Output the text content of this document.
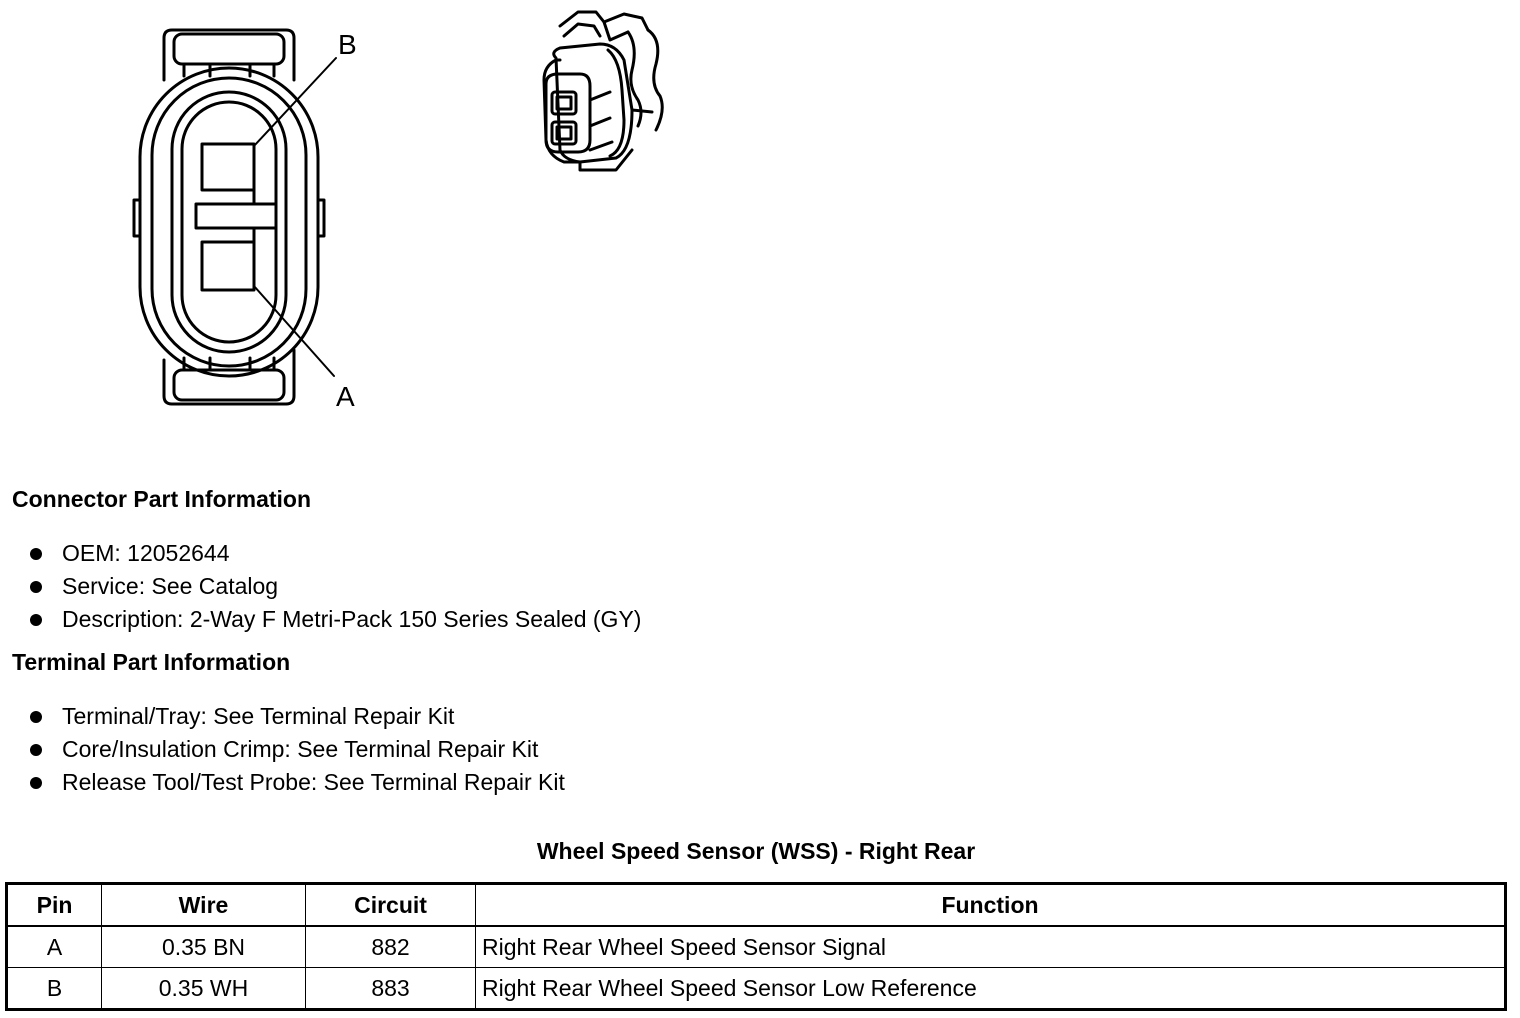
B
A
Connector Part Information
OEM: 12052644
Service: See Catalog
Description: 2-Way F Metri-Pack 150 Series Sealed (GY)
Terminal Part Information
Terminal/Tray: See Terminal Repair Kit
Core/Insulation Crimp: See Terminal Repair Kit
Release Tool/Test Probe: See Terminal Repair Kit
Wheel Speed Sensor (WSS) - Right Rear
Pin	Wire	Circuit	Function
A	0.35 BN	882	Right Rear Wheel Speed Sensor Signal
B	0.35 WH	883	Right Rear Wheel Speed Sensor Low Reference
